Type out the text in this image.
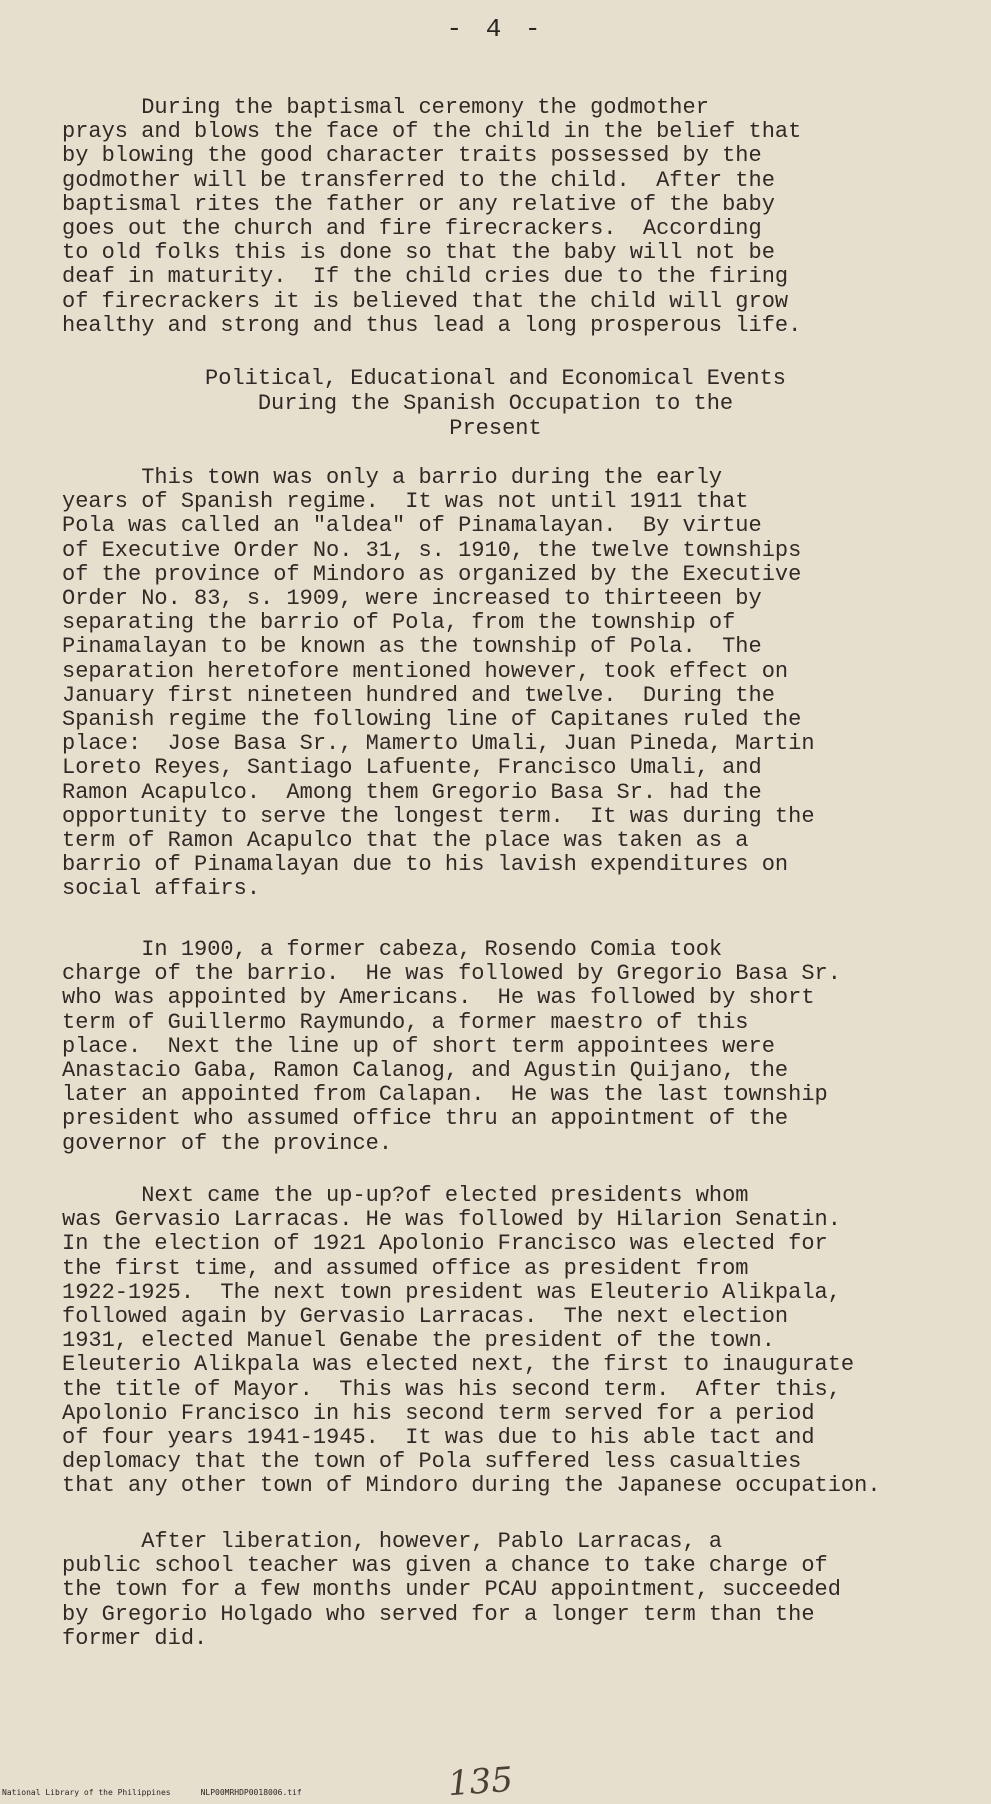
- 4 -

During the baptismal ceremony the godmother
prays and blows the face of the child in the belief that
by blowing the good character traits possessed by the
godmother will be transferred to the child.  After the
baptismal rites the father or any relative of the baby
goes out the church and fire firecrackers.  According
to old folks this is done so that the baby will not be
deaf in maturity.  If the child cries due to the firing
of firecrackers it is believed that the child will grow
healthy and strong and thus lead a long prosperous life.

Political, Educational and Economical Events
During the Spanish Occupation to the
Present

This town was only a barrio during the early
years of Spanish regime.  It was not until 1911 that
Pola was called an "aldea" of Pinamalayan.  By virtue
of Executive Order No. 31, s. 1910, the twelve townships
of the province of Mindoro as organized by the Executive
Order No. 83, s. 1909, were increased to thirteeen by
separating the barrio of Pola, from the township of
Pinamalayan to be known as the township of Pola.  The
separation heretofore mentioned however, took effect on
January first nineteen hundred and twelve.  During the
Spanish regime the following line of Capitanes ruled the
place:  Jose Basa Sr., Mamerto Umali, Juan Pineda, Martin
Loreto Reyes, Santiago Lafuente, Francisco Umali, and
Ramon Acapulco.  Among them Gregorio Basa Sr. had the
opportunity to serve the longest term.  It was during the
term of Ramon Acapulco that the place was taken as a
barrio of Pinamalayan due to his lavish expenditures on
social affairs.

In 1900, a former cabeza, Rosendo Comia took
charge of the barrio.  He was followed by Gregorio Basa Sr.
who was appointed by Americans.  He was followed by short
term of Guillermo Raymundo, a former maestro of this
place.  Next the line up of short term appointees were
Anastacio Gaba, Ramon Calanog, and Agustin Quijano, the
later an appointed from Calapan.  He was the last township
president who assumed office thru an appointment of the
governor of the province.

Next came the up-up?of elected presidents whom
was Gervasio Larracas. He was followed by Hilarion Senatin.
In the election of 1921 Apolonio Francisco was elected for
the first time, and assumed office as president from
1922-1925.  The next town president was Eleuterio Alikpala,
followed again by Gervasio Larracas.  The next election
1931, elected Manuel Genabe the president of the town.
Eleuterio Alikpala was elected next, the first to inaugurate
the title of Mayor.  This was his second term.  After this,
Apolonio Francisco in his second term served for a period
of four years 1941-1945.  It was due to his able tact and
deplomacy that the town of Pola suffered less casualties
that any other town of Mindoro during the Japanese occupation.

After liberation, however, Pablo Larracas, a
public school teacher was given a chance to take charge of
the town for a few months under PCAU appointment, succeeded
by Gregorio Holgado who served for a longer term than the
former did.

135
National Library of the Philippines	NLP00MRHDP0018006.tif
